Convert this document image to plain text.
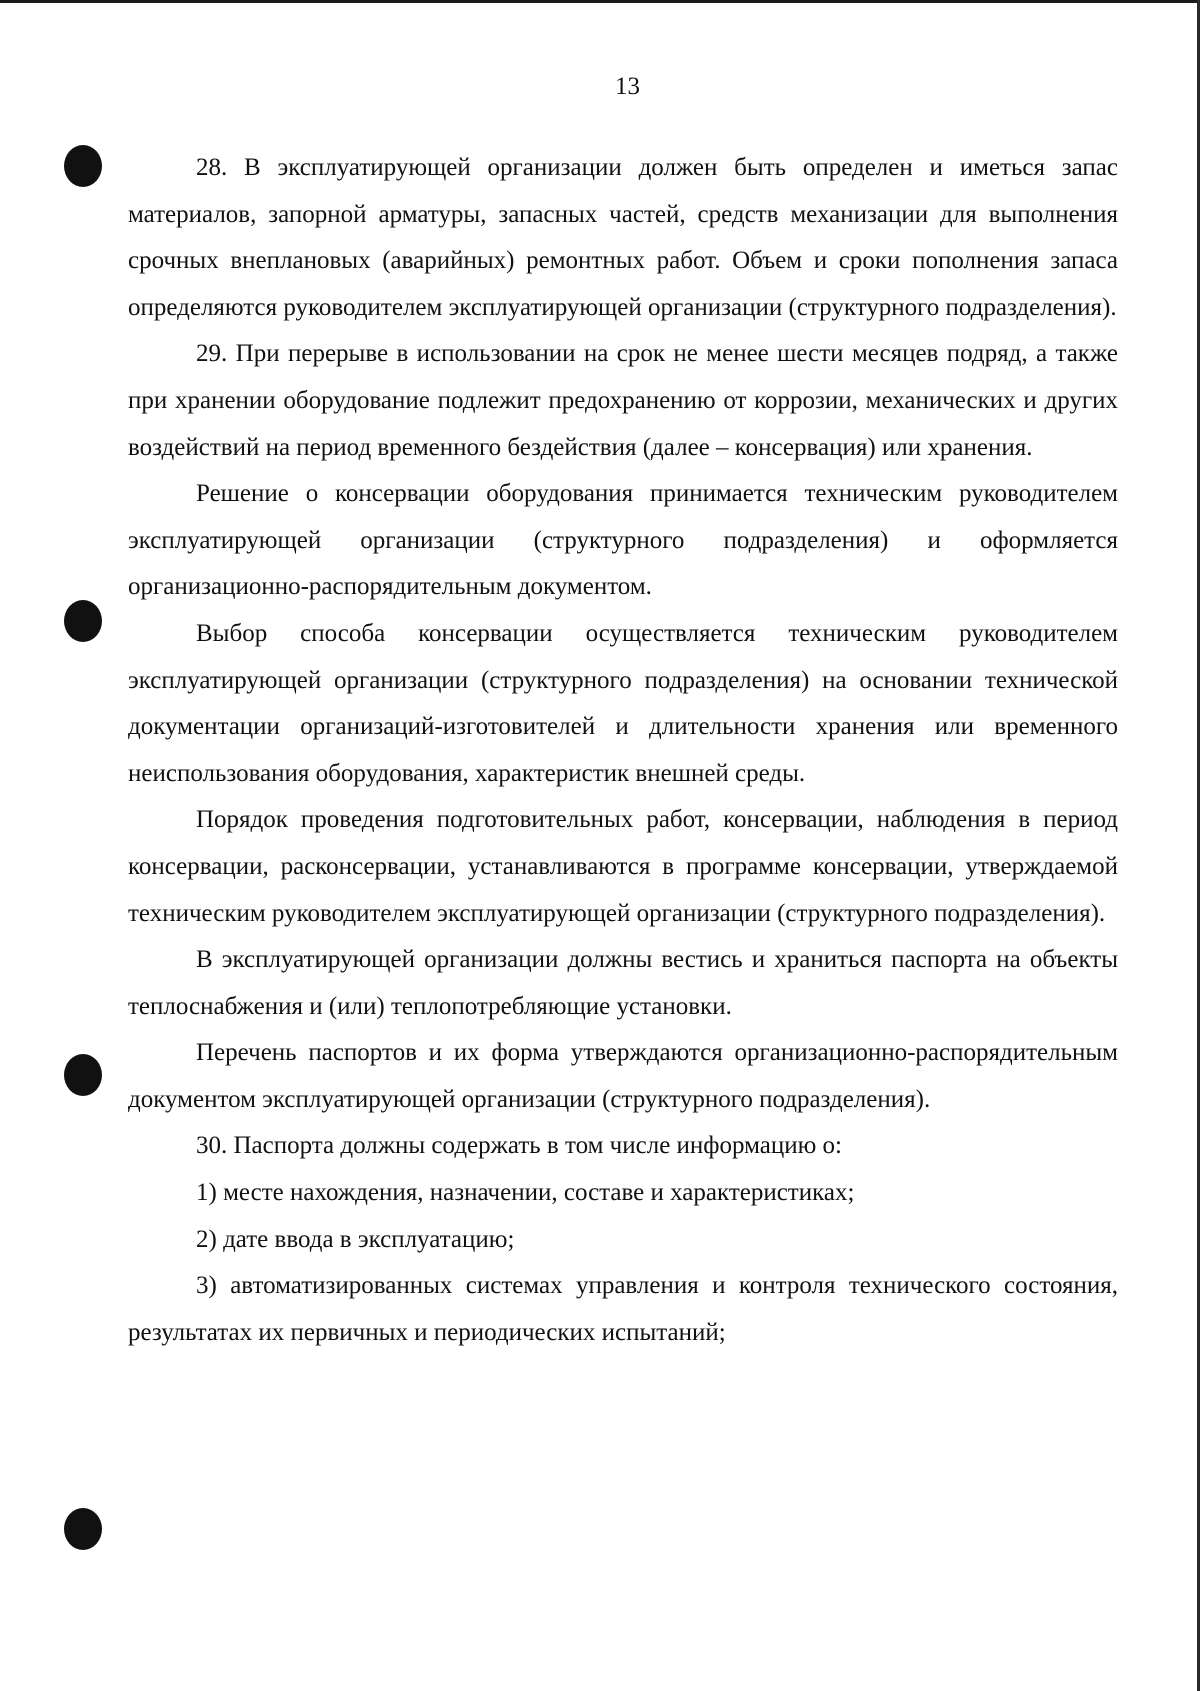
13

28. В эксплуатирующей организации должен быть определен и иметься запас материалов, запорной арматуры, запасных частей, средств механизации для выполнения срочных внеплановых (аварийных) ремонтных работ. Объем и сроки пополнения запаса определяются руководителем эксплуатирующей организации (структурного подразделения).

29. При перерыве в использовании на срок не менее шести месяцев подряд, а также при хранении оборудование подлежит предохранению от коррозии, механических и других воздействий на период временного бездействия (далее – консервация) или хранения.

Решение о консервации оборудования принимается техническим руководителем эксплуатирующей организации (структурного подразделения) и оформляется организационно-распорядительным документом.

Выбор способа консервации осуществляется техническим руководителем эксплуатирующей организации (структурного подразделения) на основании технической документации организаций-изготовителей и длительности хранения или временного неиспользования оборудования, характеристик внешней среды.

Порядок проведения подготовительных работ, консервации, наблюдения в период консервации, расконсервации, устанавливаются в программе консервации, утверждаемой техническим руководителем эксплуатирующей организации (структурного подразделения).

В эксплуатирующей организации должны вестись и храниться паспорта на объекты теплоснабжения и (или) теплопотребляющие установки.

Перечень паспортов и их форма утверждаются организационно-распорядительным документом эксплуатирующей организации (структурного подразделения).

30. Паспорта должны содержать в том числе информацию о:

1) месте нахождения, назначении, составе и характеристиках;

2) дате ввода в эксплуатацию;

3) автоматизированных системах управления и контроля технического состояния, результатах их первичных и периодических испытаний;
